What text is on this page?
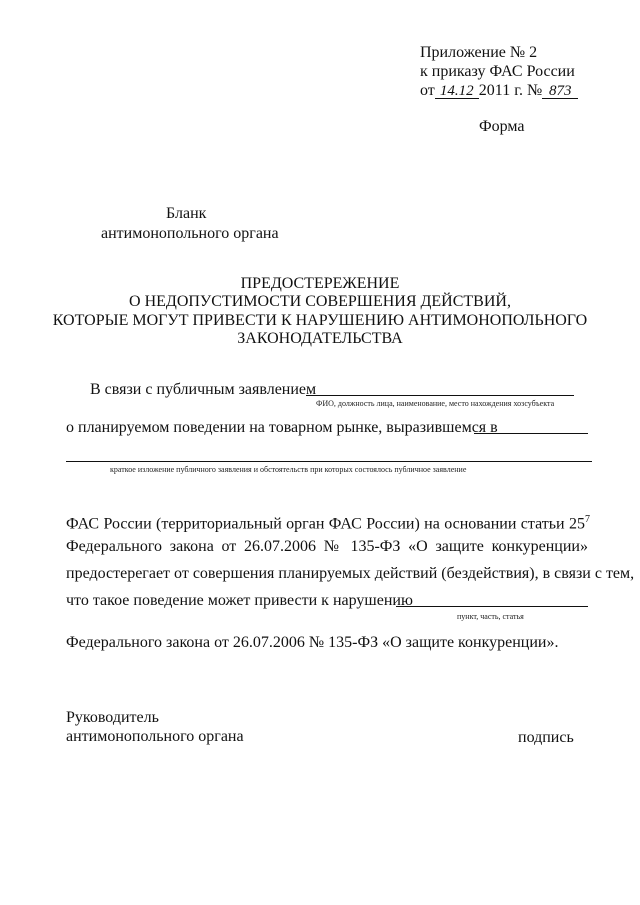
Приложение № 2
к приказу ФАС России
от 14.12 2011 г. № 873
Форма
Бланк
антимонопольного органа
ПРЕДОСТЕРЕЖЕНИЕ
О НЕДОПУСТИМОСТИ СОВЕРШЕНИЯ ДЕЙСТВИЙ,
КОТОРЫЕ МОГУТ ПРИВЕСТИ К НАРУШЕНИЮ АНТИМОНОПОЛЬНОГО
ЗАКОНОДАТЕЛЬСТВА
В связи с публичным заявлением
ФИО, должность лица, наименование, место нахождения хозсубъекта
о планируемом поведении на товарном рынке, выразившемся в
краткое изложение публичного заявления и обстоятельств при которых состоялось публичное заявление
ФАС России (территориальный орган ФАС России) на основании статьи $25^7$
Федерального закона от 26.07.2006 № 135-ФЗ «О защите конкуренции»
предостерегает от совершения планируемых действий (бездействия), в связи с тем,
что такое поведение может привести к нарушению
пункт, часть, статья
Федерального закона от 26.07.2006 № 135-ФЗ «О защите конкуренции».
Руководитель
антимонопольного органа	подпись
